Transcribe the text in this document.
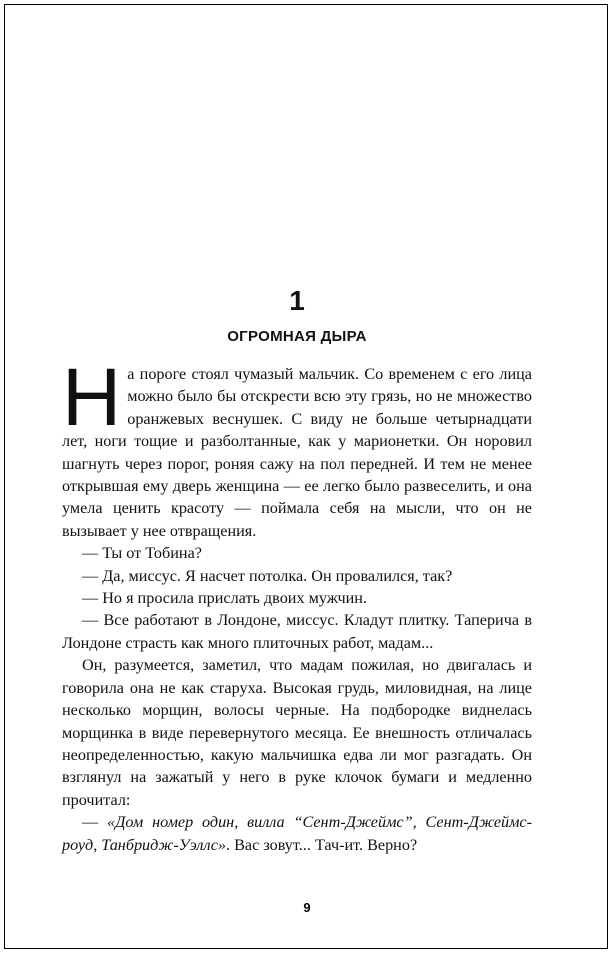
1
ОГРОМНАЯ ДЫРА

На пороге стоял чумазый мальчик. Со временем с его лица можно было бы отскрести всю эту грязь, но не множество оранжевых веснушек. С виду не больше четырнадцати лет, ноги тощие и разболтанные, как у марионетки. Он норовил шагнуть через порог, роняя сажу на пол передней. И тем не менее открывшая ему дверь женщина — ее легко было развеселить, и она умела ценить красоту — поймала себя на мысли, что он не вызывает у нее отвращения.

— Ты от Тобина?

— Да, миссус. Я насчет потолка. Он провалился, так?

— Но я просила прислать двоих мужчин.

— Все работают в Лондоне, миссус. Кладут плитку. Таперича в Лондоне страсть как много плиточных работ, мадам...

Он, разумеется, заметил, что мадам пожилая, но двигалась и говорила она не как старуха. Высокая грудь, миловидная, на лице несколько морщин, волосы черные. На подбородке виднелась морщинка в виде перевернутого месяца. Ее внешность отличалась неопределенностью, какую мальчишка едва ли мог разгадать. Он взглянул на зажатый у него в руке клочок бумаги и медленно прочитал:

— «Дом номер один, вилла “Сент-Джеймс”, Сент-Джеймс-роуд, Танбридж-Уэллс». Вас зовут... Тач-ит. Верно?

9
